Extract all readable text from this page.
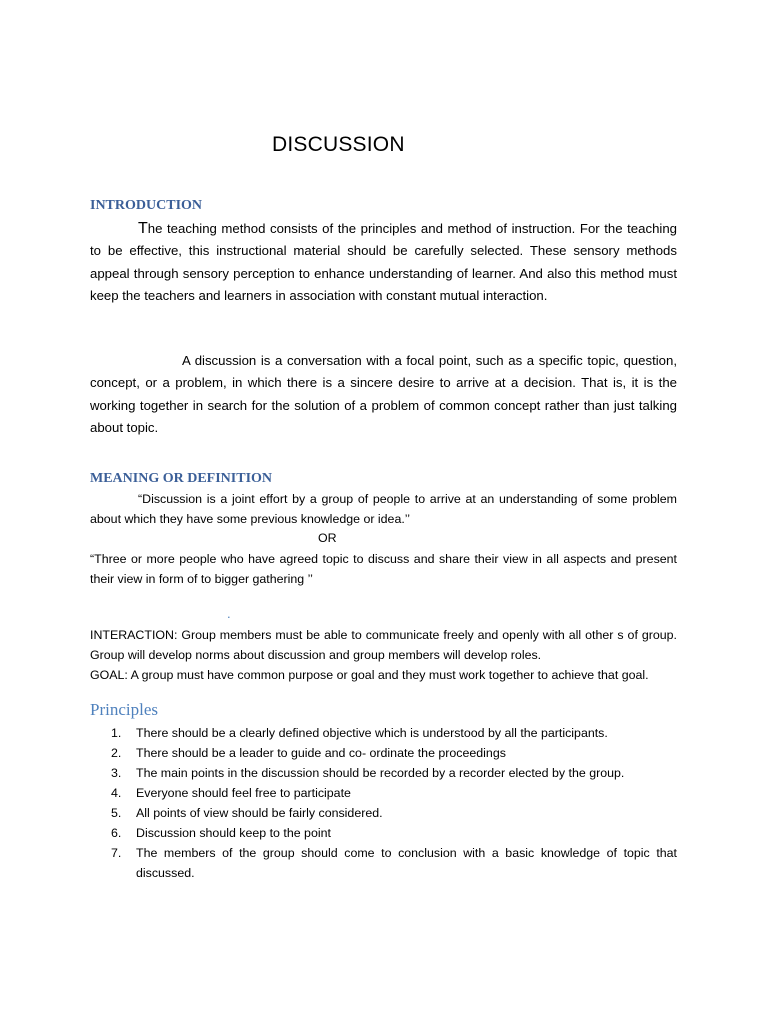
DISCUSSION
INTRODUCTION

The teaching method consists of the principles and method of instruction. For the teaching to be effective, this instructional material should be carefully selected. These sensory methods appeal through sensory perception to enhance understanding of learner. And also this method must keep the teachers and learners in association with constant mutual interaction.

A discussion is a conversation with a focal point, such as a specific topic, question, concept, or a problem, in which there is a sincere desire to arrive at a decision. That is, it is the working together in search for the solution of a problem of common concept rather than just talking about topic.

MEANING OR DEFINITION

“Discussion is a joint effort by a group of people to arrive at an understanding of some problem about which they have some previous knowledge or idea.’’

OR

“Three or more people who have agreed topic to discuss and share their view in all aspects and present their view in form of to bigger gathering ’’

.

INTERACTION: Group members must be able to communicate freely and openly with all other s of group. Group will develop norms about discussion and group members will develop roles.

GOAL: A group must have common purpose or goal and they must work together to achieve that goal.

Principles
1. There should be a clearly defined objective which is understood by all the participants.
2. There should be a leader to guide and co- ordinate the proceedings
3. The main points in the discussion should be recorded by a recorder elected by the group.
4. Everyone should feel free to participate
5. All points of view should be fairly considered.
6. Discussion should keep to the point
7. The members of the group should come to conclusion with a basic knowledge of topic that discussed.
